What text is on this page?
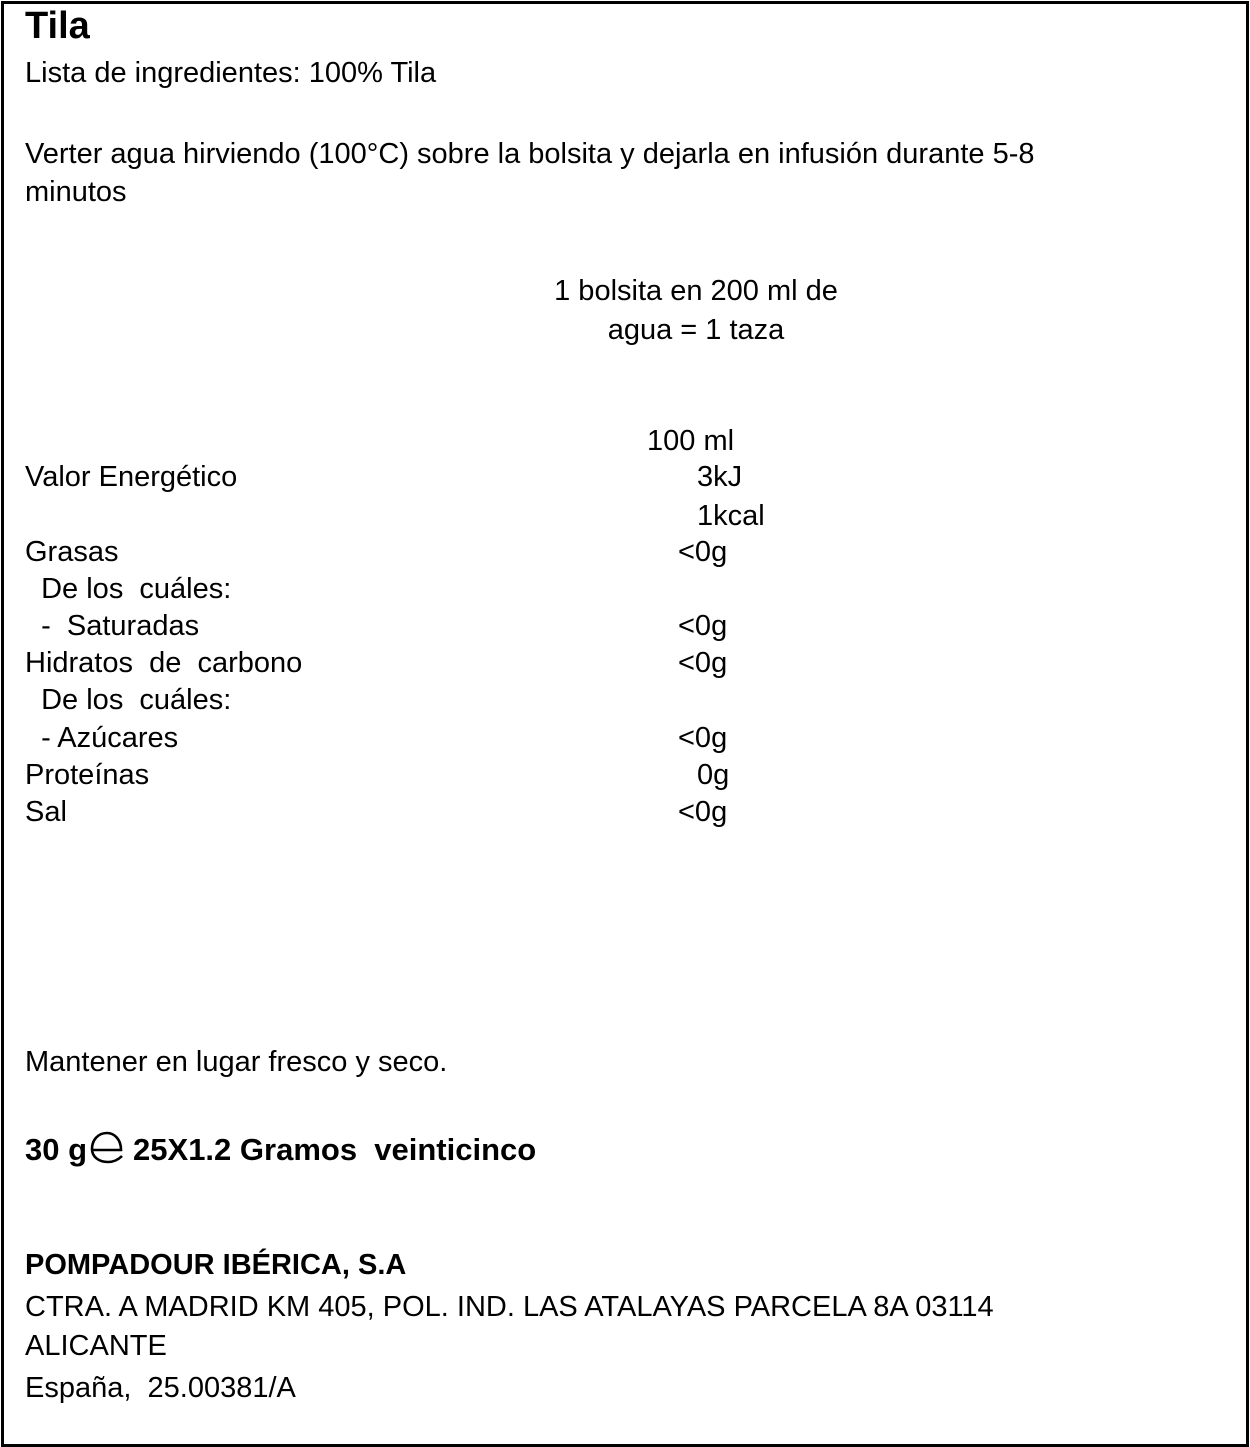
Tila
Lista de ingredientes: 100% Tila
Verter agua hirviendo (100°C) sobre la bolsita y dejarla en infusión durante 5-8
minutos
1 bolsita en 200 ml de
agua = 1 taza
100 ml
Valor Energético	3kJ
1kcal
Grasas	<0g
De los  cuáles:
-  Saturadas	<0g
Hidratos  de  carbono	<0g
De los  cuáles:
- Azúcares	<0g
Proteínas	0g
Sal	<0g
Mantener en lugar fresco y seco.
30 g 25X1.2 Gramos  veinticinco
POMPADOUR IBÉRICA, S.A
CTRA. A MADRID KM 405, POL. IND. LAS ATALAYAS PARCELA 8A 03114
ALICANTE
España,  25.00381/A
